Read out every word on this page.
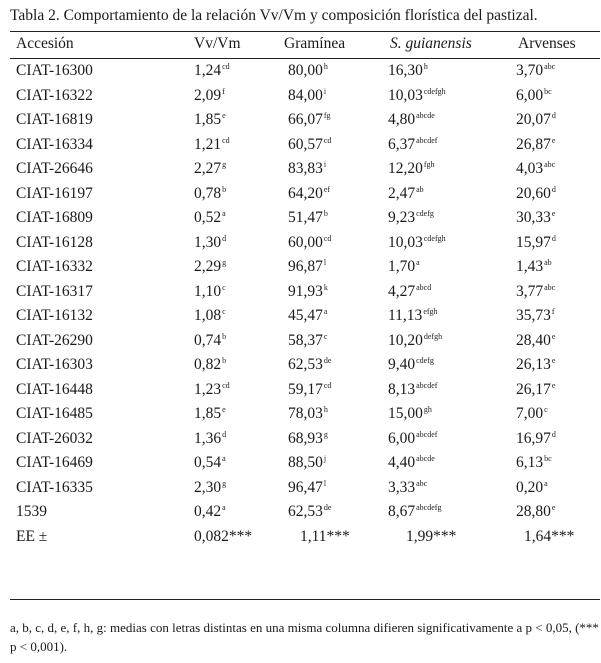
Tabla 2. Comportamiento de la relación Vv/Vm y composición florística del pastizal.
Accesión	Vv/Vm	Gramínea	S. guianensis	Arvenses
CIAT-16300	1,24$^{cd}$	80,00$^h$	16,30$^h$	3,70$^{abc}$
CIAT-16322	2,09$^f$	84,00$^i$	$10,03^{cdefgh}$	6,00$^{bc}$
CIAT-16819	1,85e	66,07$^{fg}$	$4,80^{abcde}$	20,07$^d$
CIAT-16334	1,21$^{cd}$	60,57$^{cd}$	$6,37^{abcdef}$	26,87e
CIAT-26646	2,27$^g$	83,83$^i$	12,20$^{fgh}$	4,03$^{abc}$
CIAT-16197	0,78$^b$	64,20$^{ef}$	2,47$^{ab}$	20,60$^d$
CIAT-16809	0,52$^a$	51,47$^b$	$9,23^{cdefg}$	30,33e
CIAT-16128	1,30$^d$	60,00$^{cd}$	$10,03^{cdefgh}$	15,97$^d$
CIAT-16332	2,29$^g$	96,87$^l$	1,70$^a$	1,43$^{ab}$
CIAT-16317	1,10$^c$	91,93$^k$	$4,27^{abcd}$	3,77$^{abc}$
CIAT-16132	1,08$^c$	45,47$^a$	$11,13^{efgh}$	35,73$^f$
CIAT-26290	0,74$^b$	58,37$^c$	$10,20^{defgh}$	28,40e
CIAT-16303	0,82$^b$	62,53de	$9,40^{cdefg}$	26,13e
CIAT-16448	1,23$^{cd}$	59,17$^{cd}$	$8,13^{abcdef}$	26,17e
CIAT-16485	1,85e	78,03$^h$	15,00$^{gh}$	7,00$^c$
CIAT-26032	1,36$^d$	68,93$^g$	$6,00^{abcdef}$	16,97$^d$
CIAT-16469	0,54$^a$	88,50$^j$	$4,40^{abcde}$	6,13$^{bc}$
CIAT-16335	2,30$^g$	96,47$^l$	3,33$^{abc}$	0,20$^a$
1539	0,42$^a$	62,53de	$8,67^{abcdefg}$	28,80e
EE ±	0,082***	1,11***	1,99***	1,64***
a, b, c, d, e, f, h, g: medias con letras distintas en una misma columna difieren significativamente a p < 0,05, (*** p < 0,001).
